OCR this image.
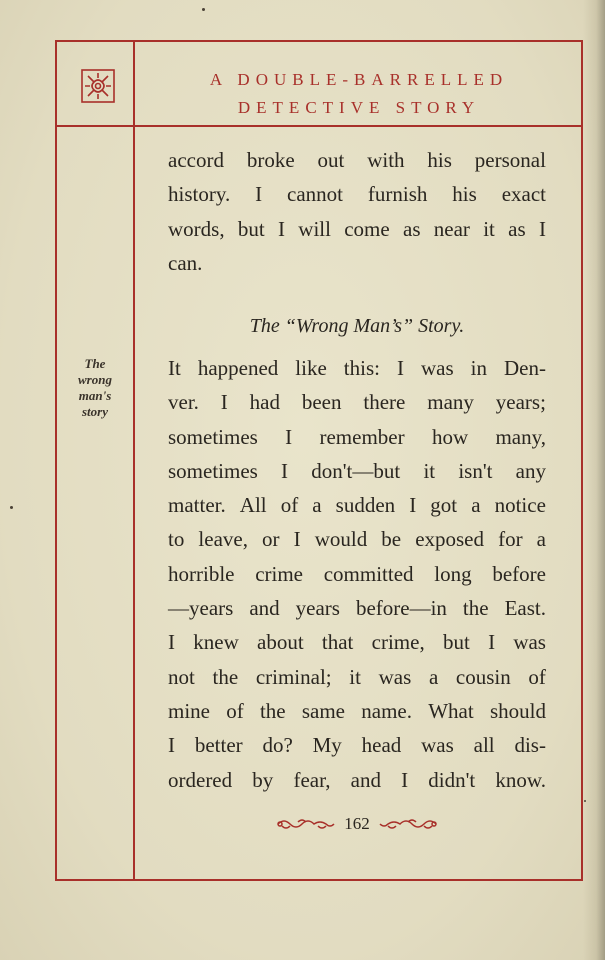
A DOUBLE-BARRELLED
DETECTIVE STORY
The
wrong
man's
story
accord broke out with his personal
history. I cannot furnish his exact
words, but I will come as near it as I
can.
The “Wrong Man’s” Story.
It happened like this: I was in Den-
ver. I had been there many years;
sometimes I remember how many,
sometimes I don't—but it isn't any
matter. All of a sudden I got a notice
to leave, or I would be exposed for a
horrible crime committed long before
—years and years before—in the East.
I knew about that crime, but I was
not the criminal; it was a cousin of
mine of the same name. What should
I better do? My head was all dis-
ordered by fear, and I didn't know.
162
